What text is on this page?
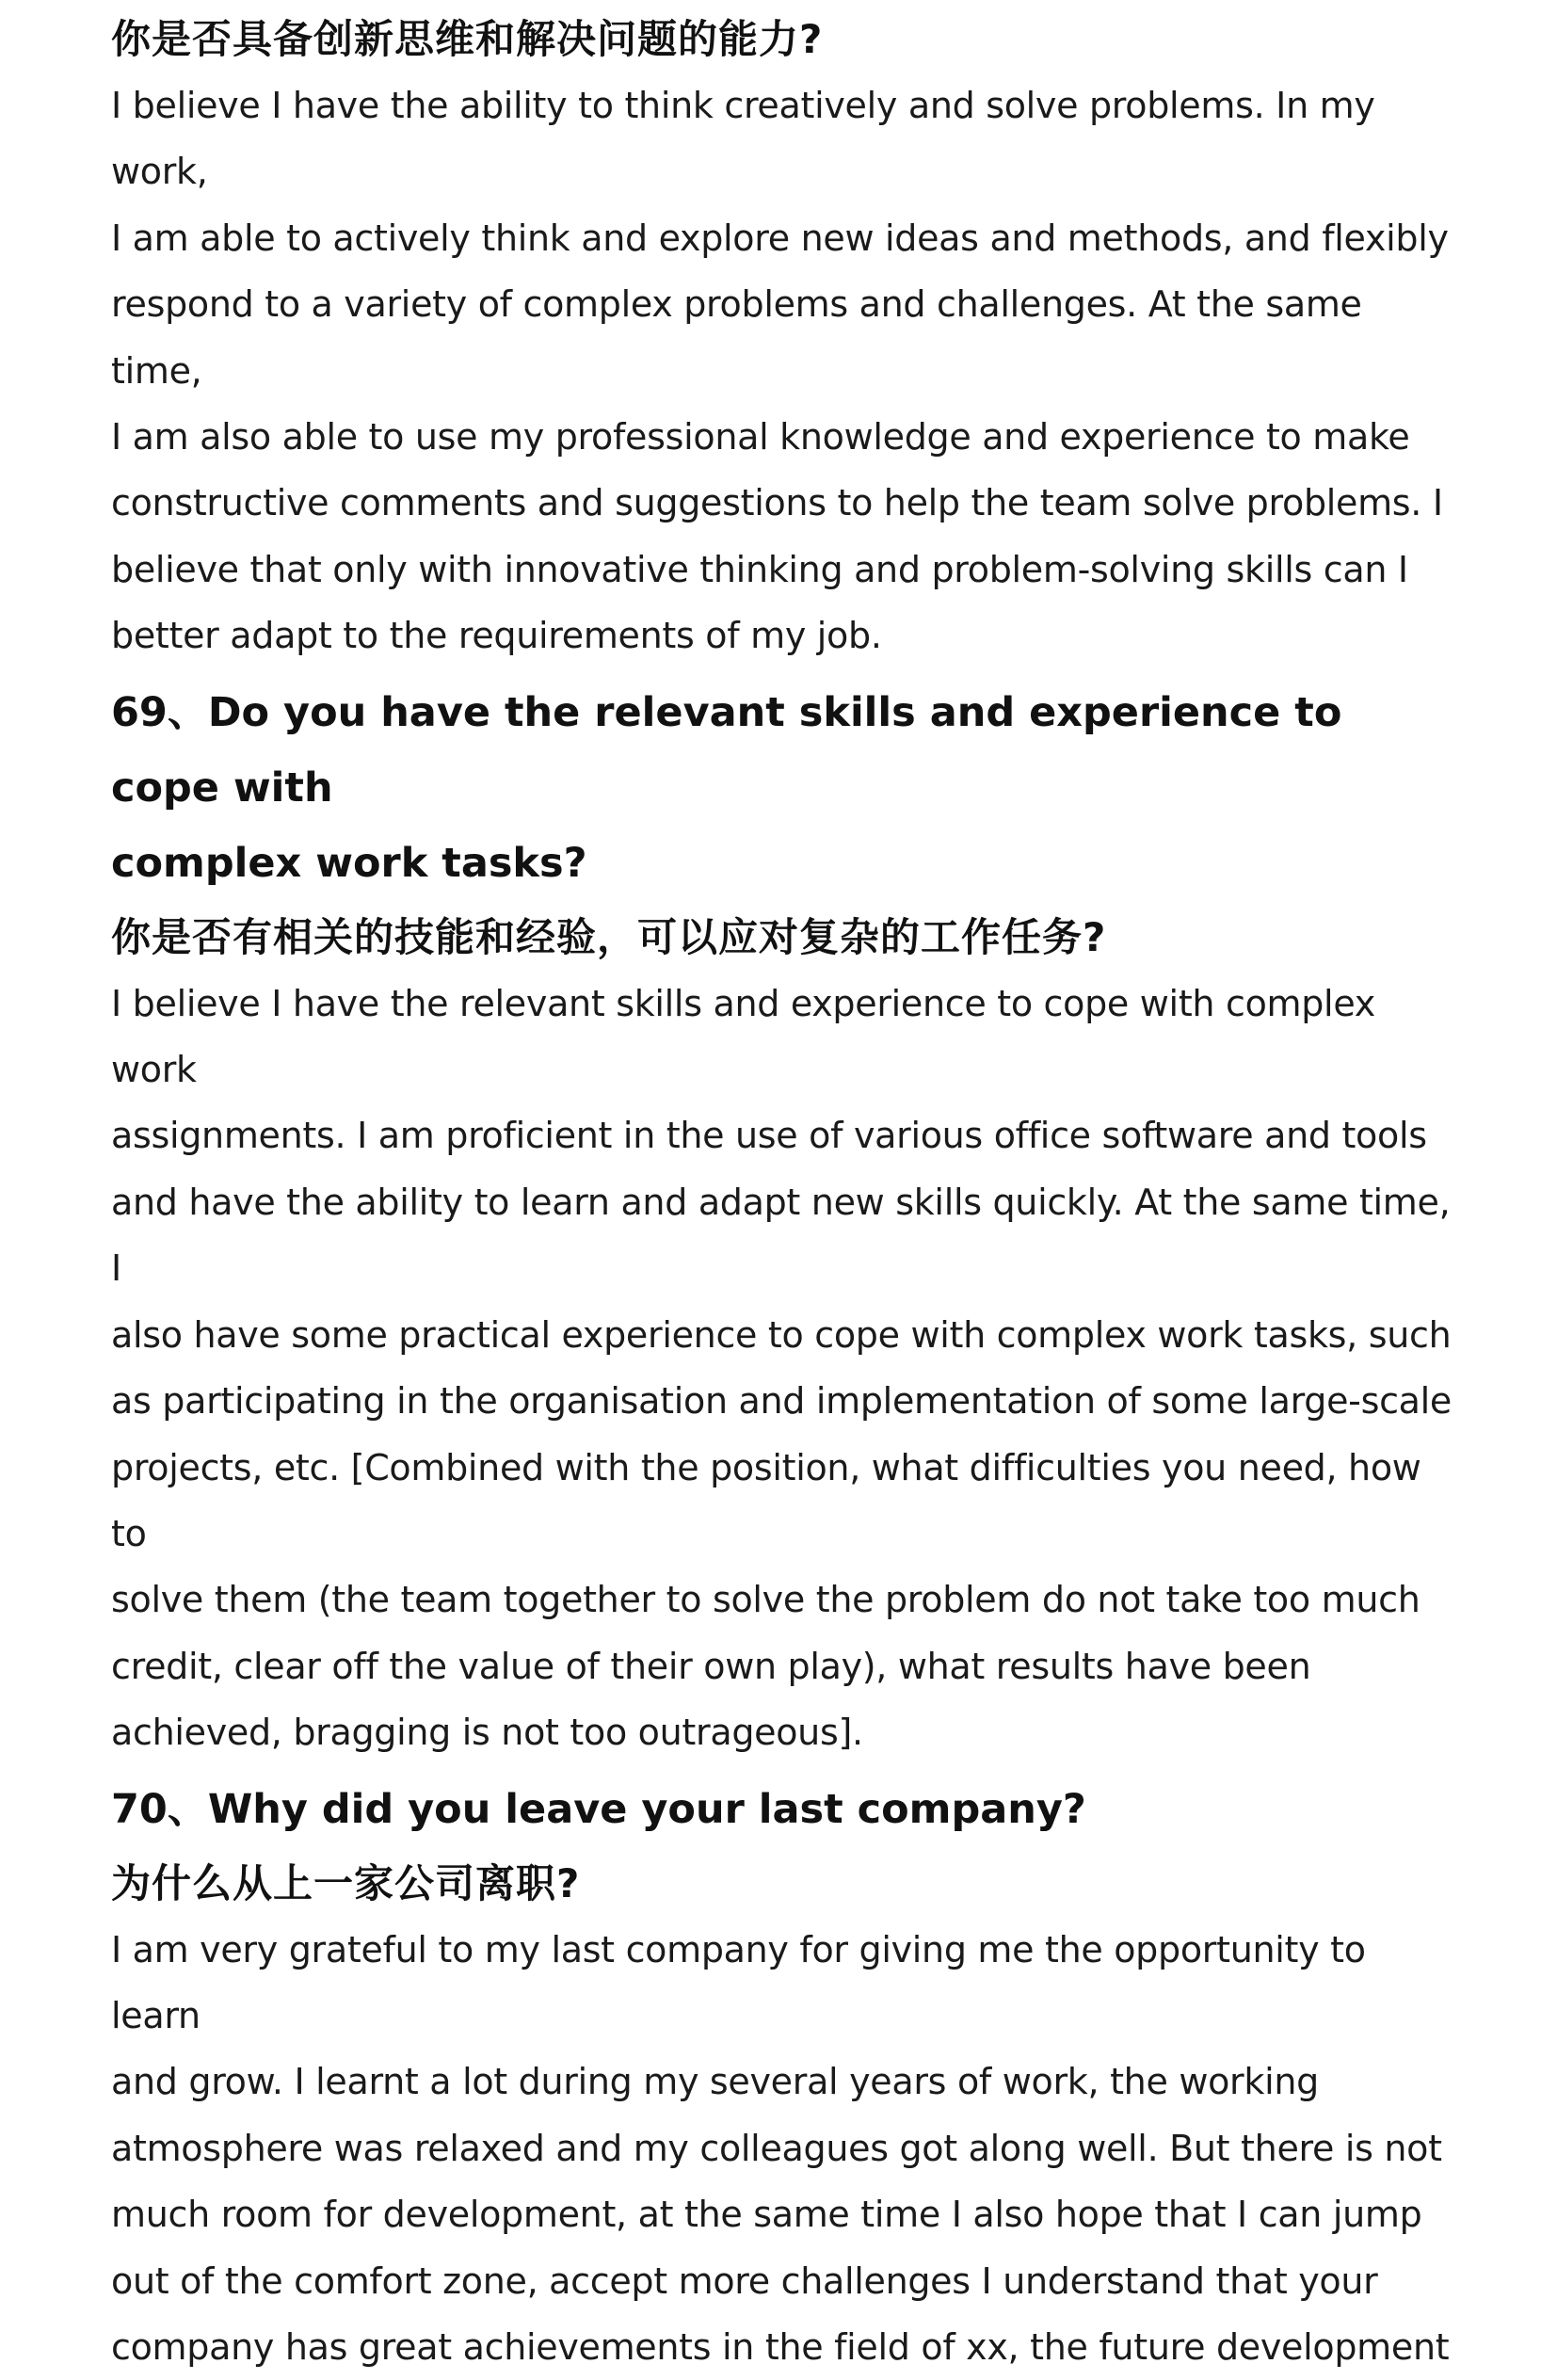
你是否具备创新思维和解决问题的能力?

I believe I have the ability to think creatively and solve problems. In my work,
I am able to actively think and explore new ideas and methods, and flexibly
respond to a variety of complex problems and challenges. At the same time,
I am also able to use my professional knowledge and experience to make
constructive comments and suggestions to help the team solve problems. I
believe that only with innovative thinking and problem-solving skills can I
better adapt to the requirements of my job.

69、Do you have the relevant skills and experience to cope with
complex work tasks?
你是否有相关的技能和经验，可以应对复杂的工作任务?

I believe I have the relevant skills and experience to cope with complex work
assignments. I am proficient in the use of various office software and tools
and have the ability to learn and adapt new skills quickly. At the same time, I
also have some practical experience to cope with complex work tasks, such
as participating in the organisation and implementation of some large-scale
projects, etc. [Combined with the position, what difficulties you need, how to
solve them (the team together to solve the problem do not take too much
credit, clear off the value of their own play), what results have been
achieved, bragging is not too outrageous].

70、Why did you leave your last company?
为什么从上一家公司离职?

I am very grateful to my last company for giving me the opportunity to learn
and grow. I learnt a lot during my several years of work, the working
atmosphere was relaxed and my colleagues got along well. But there is not
much room for development, at the same time I also hope that I can jump
out of the comfort zone, accept more challenges I understand that your
company has great achievements in the field of xx, the future development
